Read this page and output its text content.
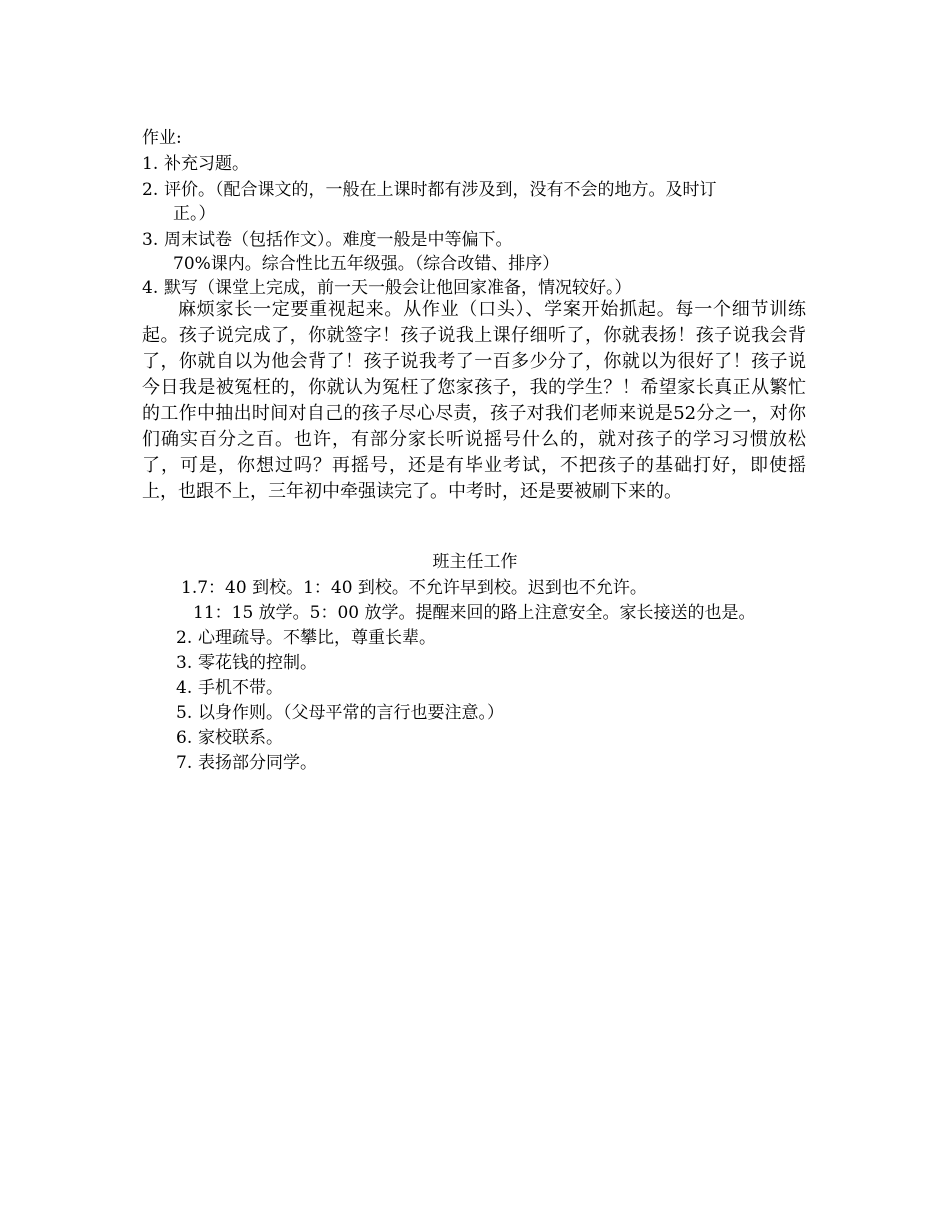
作业:
1. 补充习题。
2. 评价。（配合课文的，一般在上课时都有涉及到，没有不会的地方。及时订
正。）
3. 周末试卷（包括作文）。难度一般是中等偏下。
70%课内。综合性比五年级强。（综合改错、排序）
4. 默写（课堂上完成，前一天一般会让他回家准备，情况较好。）

麻烦家长一定要重视起来。从作业（口头）、学案开始抓起。每一个细节训练起。孩子说完成了，你就签字！孩子说我上课仔细听了，你就表扬！孩子说我会背了，你就自以为他会背了！孩子说我考了一百多少分了，你就以为很好了！孩子说今日我是被冤枉的，你就认为冤枉了您家孩子，我的学生？！希望家长真正从繁忙的工作中抽出时间对自己的孩子尽心尽责，孩子对我们老师来说是52分之一，对你们确实百分之百。也许，有部分家长听说摇号什么的，就对孩子的学习习惯放松了，可是，你想过吗？再摇号，还是有毕业考试，不把孩子的基础打好，即使摇上，也跟不上，三年初中牵强读完了。中考时，还是要被刷下来的。

班主任工作
1.7：40 到校。1：40 到校。不允许早到校。迟到也不允许。
11：15 放学。5：00 放学。提醒来回的路上注意安全。家长接送的也是。
2. 心理疏导。不攀比，尊重长辈。
3. 零花钱的控制。
4. 手机不带。
5. 以身作则。（父母平常的言行也要注意。）
6. 家校联系。
7. 表扬部分同学。
